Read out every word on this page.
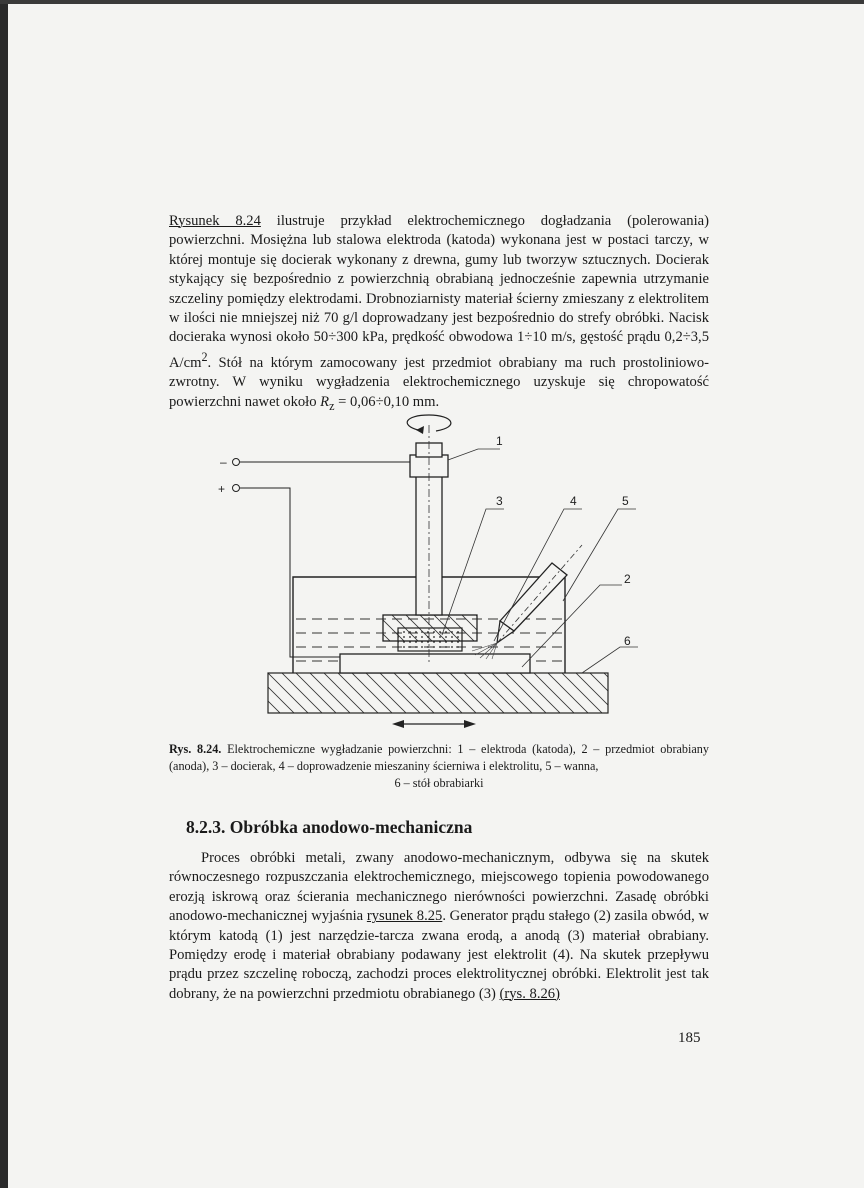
Rysunek 8.24 ilustruje przykład elektrochemicznego dogładzania (polerowania) powierzchni. Mosiężna lub stalowa elektroda (katoda) wykonana jest w postaci tarczy, w której montuje się docierak wykonany z drewna, gumy lub tworzyw sztucznych. Docierak stykający się bezpośrednio z powierzchnią obrabianą jednocześnie zapewnia utrzymanie szczeliny pomiędzy elektrodami. Drobnoziarnisty materiał ścierny zmieszany z elektrolitem w ilości nie mniejszej niż 70 g/l doprowadzany jest bezpośrednio do strefy obróbki. Nacisk docieraka wynosi około 50÷300 kPa, prędkość obwodowa 1÷10 m/s, gęstość prądu 0,2÷3,5 $A/cm^2$. Stół na którym zamocowany jest przedmiot obrabiany ma ruch prostoliniowo-zwrotny. W wyniku wygładzenia elektrochemicznego uzyskuje się chropowatość powierzchni nawet około $R_z = 0,06\div 0,10$ mm.

–
+
1
3	4	5
2
6

Rys. 8.24. Elektrochemiczne wygładzanie powierzchni: 1 – elektroda (katoda), 2 – przedmiot obrabiany (anoda), 3 – docierak, 4 – doprowadzenie mieszaniny ścierniwa i elektrolitu, 5 – wanna,
6 – stół obrabiarki

8.2.3. Obróbka anodowo-mechaniczna

Proces obróbki metali, zwany anodowo-mechanicznym, odbywa się na skutek równoczesnego rozpuszczania elektrochemicznego, miejscowego topienia powodowanego erozją iskrową oraz ścierania mechanicznego nierówności powierzchni. Zasadę obróbki anodowo-mechanicznej wyjaśnia rysunek 8.25. Generator prądu stałego (2) zasila obwód, w którym katodą (1) jest narzędzie-tarcza zwana erodą, a anodą (3) materiał obrabiany. Pomiędzy erodę i materiał obrabiany podawany jest elektrolit (4). Na skutek przepływu prądu przez szczelinę roboczą, zachodzi proces elektrolitycznej obróbki. Elektrolit jest tak dobrany, że na powierzchni przedmiotu obrabianego (3) (rys. 8.26)

185
